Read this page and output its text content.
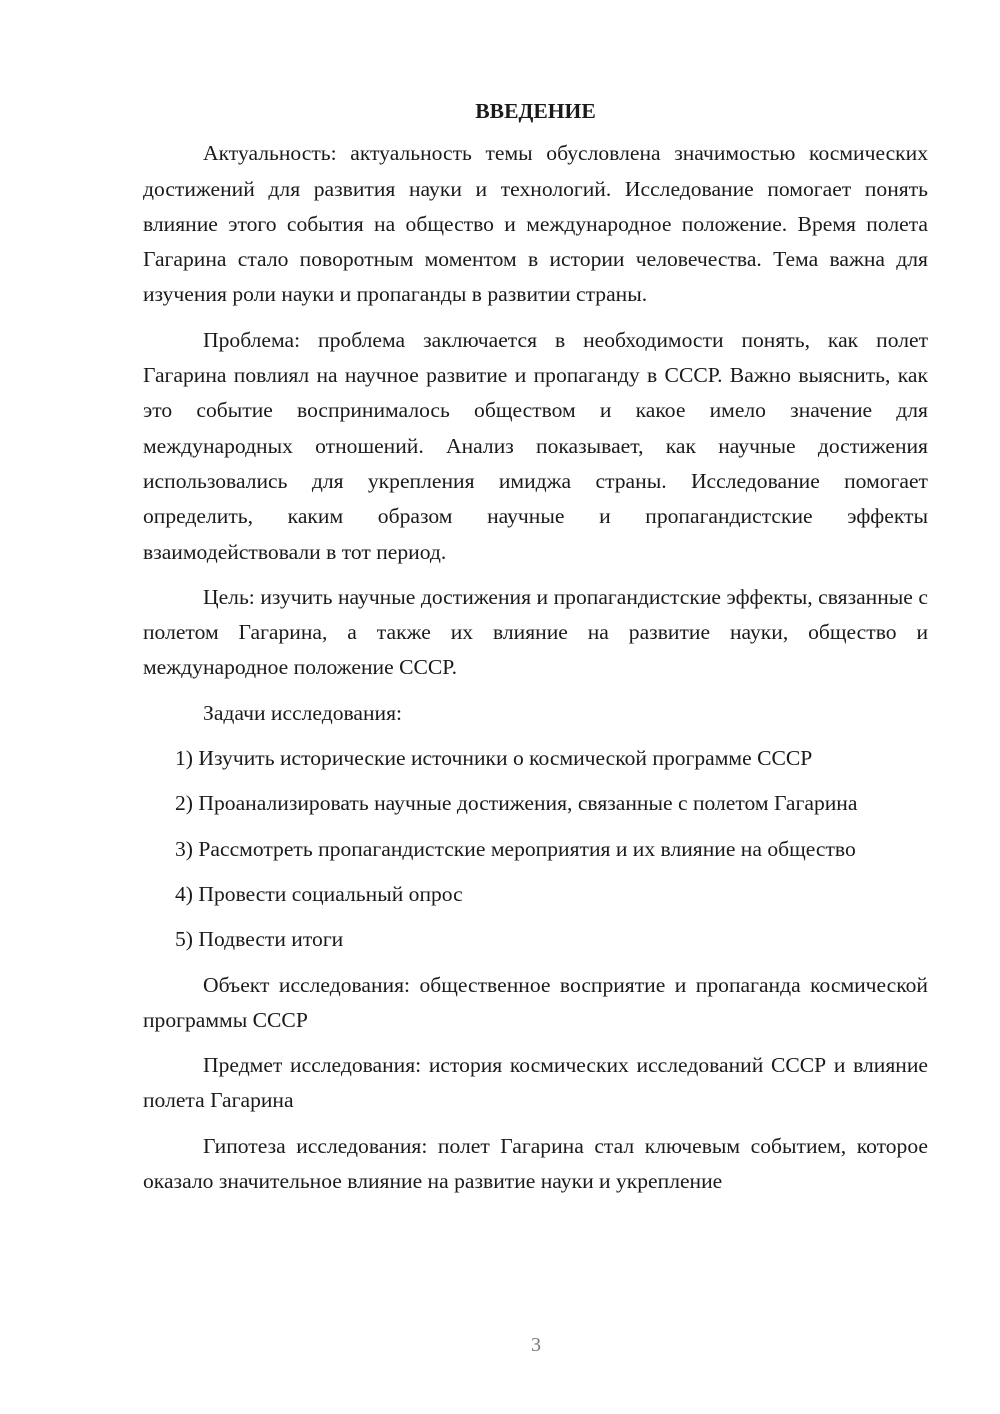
ВВЕДЕНИЕ

Актуальность: актуальность темы обусловлена значимостью космических достижений для развития науки и технологий. Исследование помогает понять влияние этого события на общество и международное положение. Время полета Гагарина стало поворотным моментом в истории человечества. Тема важна для изучения роли науки и пропаганды в развитии страны.

Проблема: проблема заключается в необходимости понять, как полет Гагарина повлиял на научное развитие и пропаганду в СССР. Важно выяснить, как это событие воспринималось обществом и какое имело значение для международных отношений. Анализ показывает, как научные достижения использовались для укрепления имиджа страны. Исследование помогает определить, каким образом научные и пропагандистские эффекты взаимодействовали в тот период.

Цель: изучить научные достижения и пропагандистские эффекты, связанные с полетом Гагарина, а также их влияние на развитие науки, общество и международное положение СССР.

Задачи исследования:

1) Изучить исторические источники о космической программе СССР

2) Проанализировать научные достижения, связанные с полетом Гагарина

3) Рассмотреть пропагандистские мероприятия и их влияние на общество

4) Провести социальный опрос

5) Подвести итоги

Объект исследования: общественное восприятие и пропаганда космической программы СССР

Предмет исследования: история космических исследований СССР и влияние полета Гагарина

Гипотеза исследования: полет Гагарина стал ключевым событием, которое оказало значительное влияние на развитие науки и укрепление

3
